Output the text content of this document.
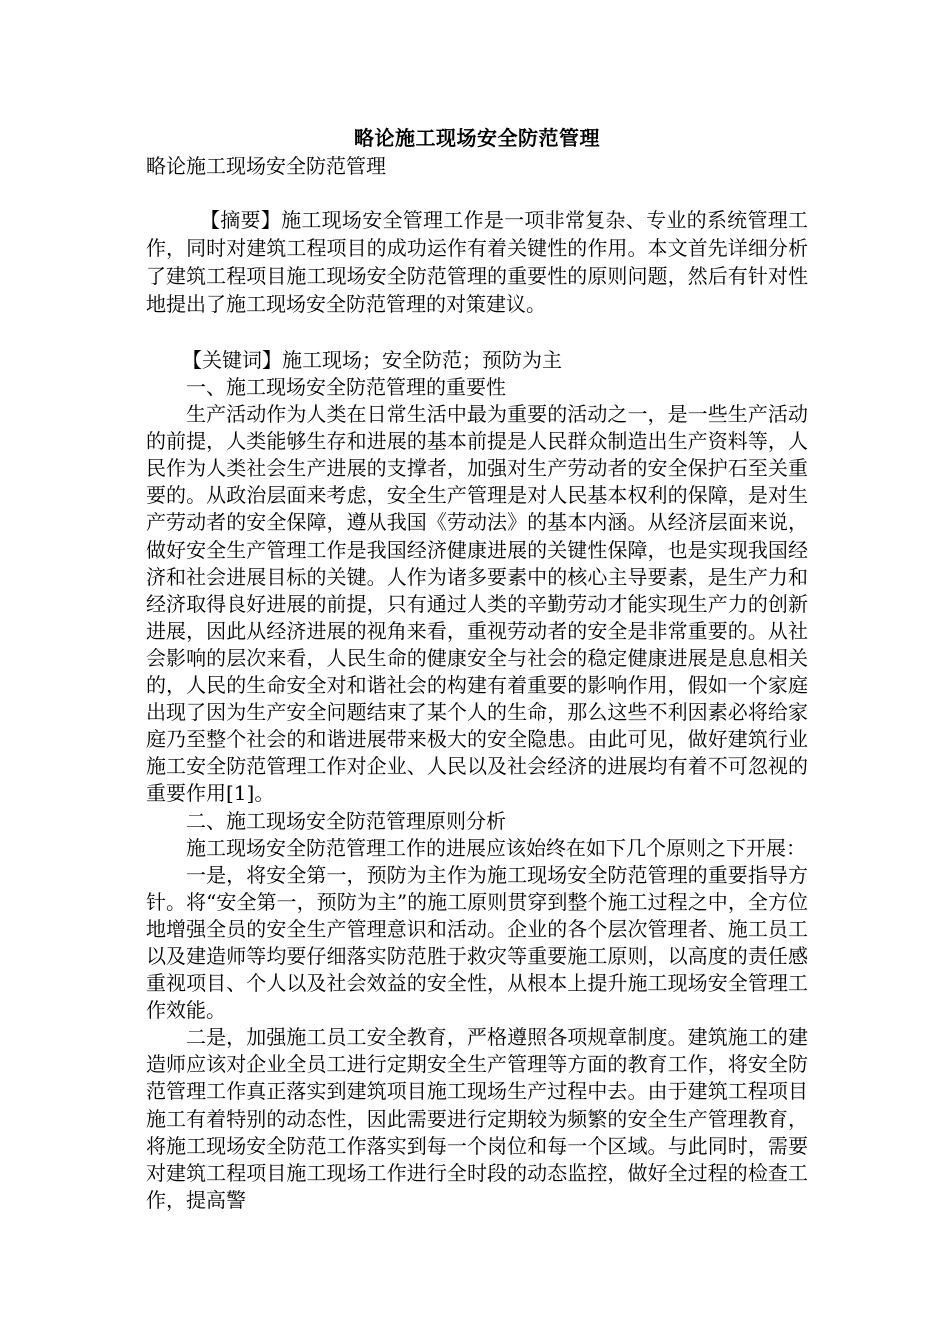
略论施工现场安全防范管理

略论施工现场安全防范管理

【摘要】施工现场安全管理工作是一项非常复杂、专业的系统管理工作，同时对建筑工程项目的成功运作有着关键性的作用。本文首先详细分析了建筑工程项目施工现场安全防范管理的重要性的原则问题，然后有针对性地提出了施工现场安全防范管理的对策建议。

【关键词】施工现场；安全防范；预防为主

一、施工现场安全防范管理的重要性

生产活动作为人类在日常生活中最为重要的活动之一，是一些生产活动的前提，人类能够生存和进展的基本前提是人民群众制造出生产资料等，人民作为人类社会生产进展的支撑者，加强对生产劳动者的安全保护石至关重要的。从政治层面来考虑，安全生产管理是对人民基本权利的保障，是对生产劳动者的安全保障，遵从我国《劳动法》的基本内涵。从经济层面来说，做好安全生产管理工作是我国经济健康进展的关键性保障，也是实现我国经济和社会进展目标的关键。人作为诸多要素中的核心主导要素，是生产力和经济取得良好进展的前提，只有通过人类的辛勤劳动才能实现生产力的创新进展，因此从经济进展的视角来看，重视劳动者的安全是非常重要的。从社会影响的层次来看，人民生命的健康安全与社会的稳定健康进展是息息相关的，人民的生命安全对和谐社会的构建有着重要的影响作用，假如一个家庭出现了因为生产安全问题结束了某个人的生命，那么这些不利因素必将给家庭乃至整个社会的和谐进展带来极大的安全隐患。由此可见，做好建筑行业施工安全防范管理工作对企业、人民以及社会经济的进展均有着不可忽视的重要作用[1]。

二、施工现场安全防范管理原则分析

施工现场安全防范管理工作的进展应该始终在如下几个原则之下开展：

一是，将安全第一，预防为主作为施工现场安全防范管理的重要指导方针。将“安全第一，预防为主”的施工原则贯穿到整个施工过程之中，全方位地增强全员的安全生产管理意识和活动。企业的各个层次管理者、施工员工以及建造师等均要仔细落实防范胜于救灾等重要施工原则，以高度的责任感重视项目、个人以及社会效益的安全性，从根本上提升施工现场安全管理工作效能。

二是，加强施工员工安全教育，严格遵照各项规章制度。建筑施工的建造师应该对企业全员工进行定期安全生产管理等方面的教育工作，将安全防范管理工作真正落实到建筑项目施工现场生产过程中去。由于建筑工程项目施工有着特别的动态性，因此需要进行定期较为频繁的安全生产管理教育，将施工现场安全防范工作落实到每一个岗位和每一个区域。与此同时，需要对建筑工程项目施工现场工作进行全时段的动态监控，做好全过程的检查工作，提高警
